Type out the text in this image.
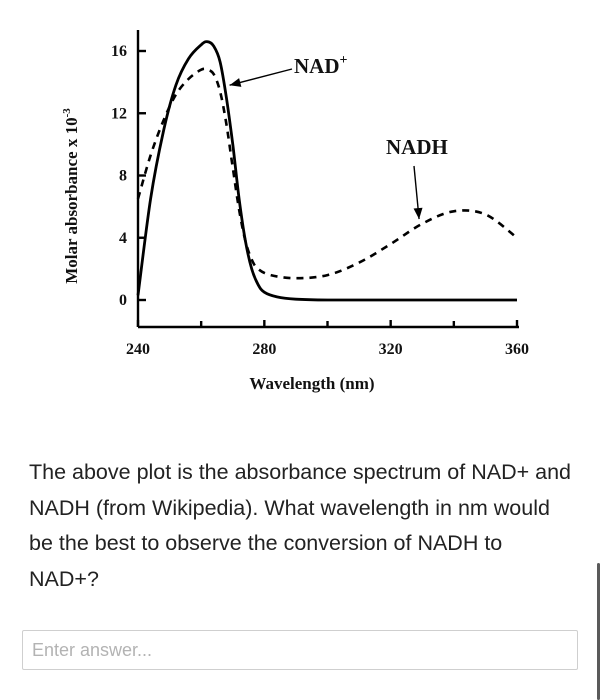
0
4
8
12
16
240	280	320	360
NAD+
NADH
Wavelength (nm)
Molar absorbance x $10^{-3}$
The above plot is the absorbance spectrum of NAD+ and NADH (from Wikipedia). What wavelength in nm would be the best to observe the conversion of NADH to NAD+?
Enter answer...
